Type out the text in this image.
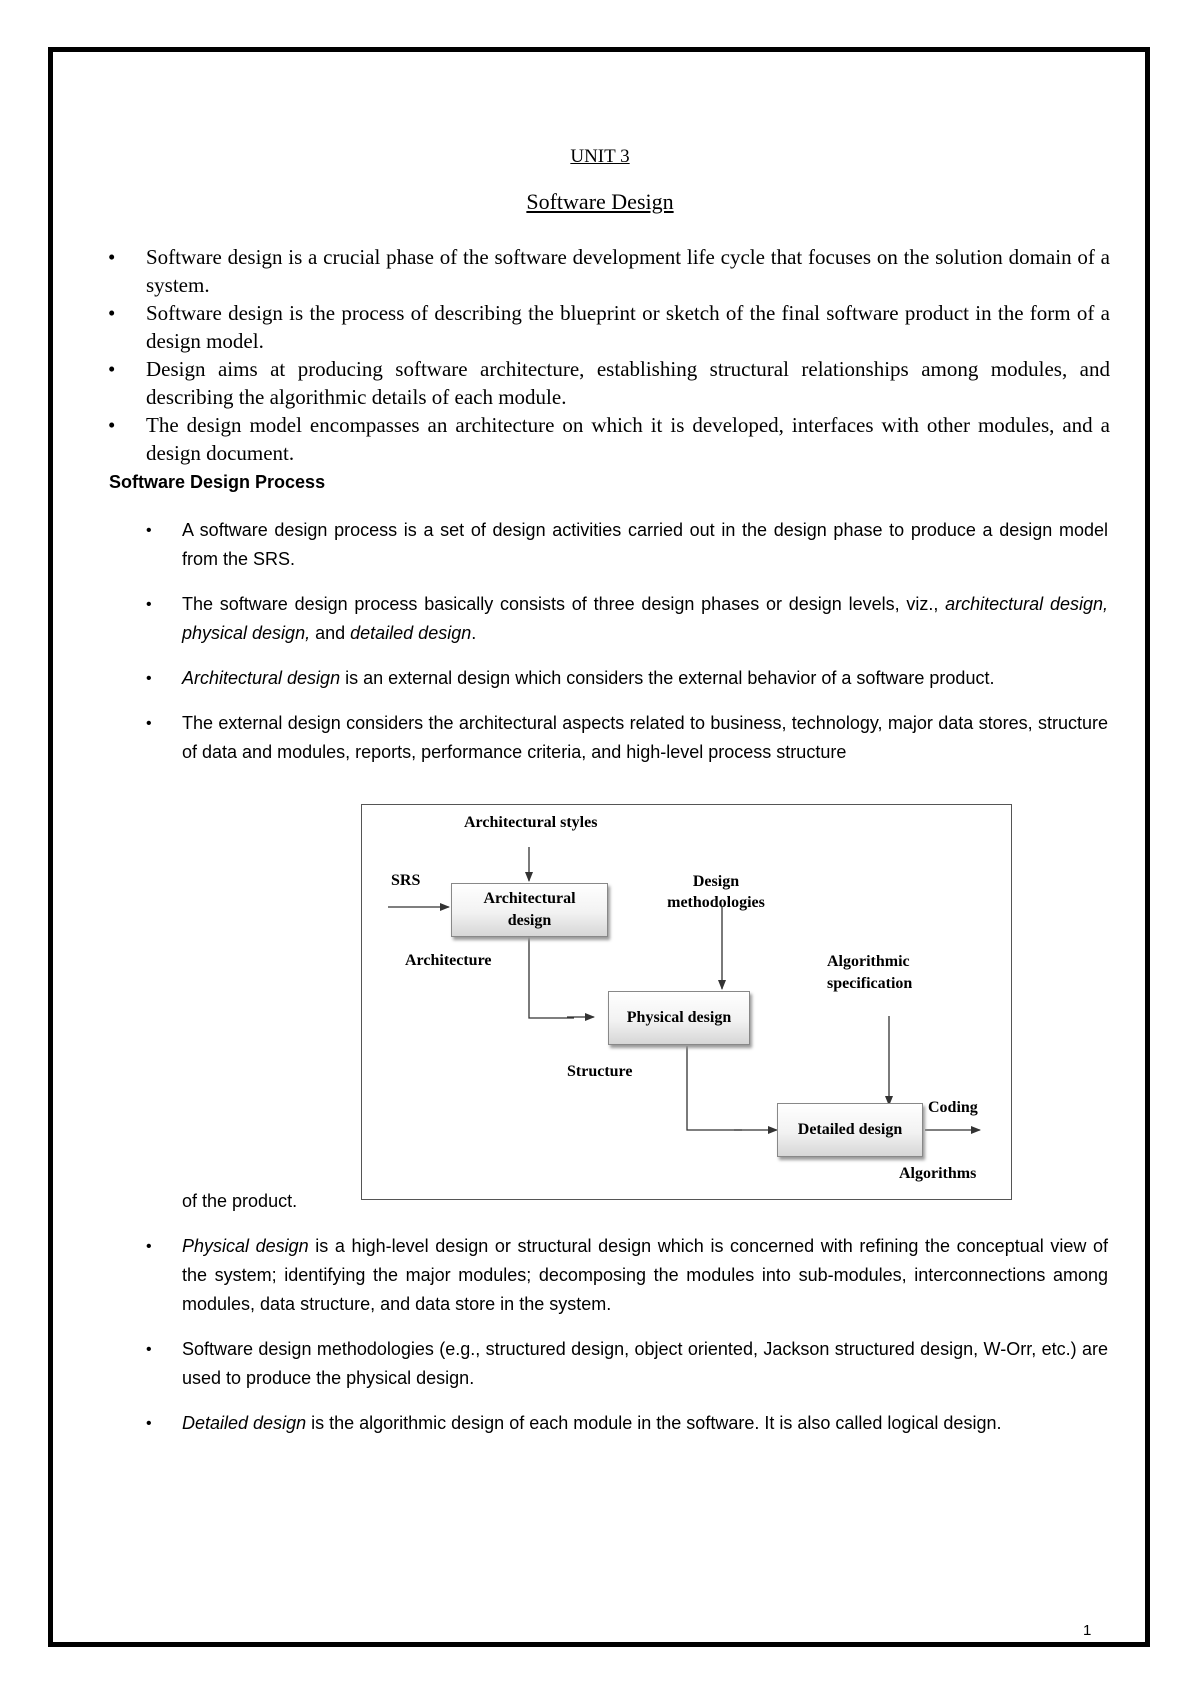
UNIT 3
Software Design
• Software design is a crucial phase of the software development life cycle that focuses on the solution domain of a system.
• Software design is the process of describing the blueprint or sketch of the final software product in the form of a design model.
• Design aims at producing software architecture, establishing structural relationships among modules, and describing the algorithmic details of each module.
• The design model encompasses an architecture on which it is developed, interfaces with other modules, and a design document.
Software Design Process
• A software design process is a set of design activities carried out in the design phase to produce a design model from the SRS.
• The software design process basically consists of three design phases or design levels, viz., architectural design, physical design, and detailed design.
• Architectural design is an external design which considers the external behavior of a software product.
• The external design considers the architectural aspects related to business, technology, major data stores, structure of data and modules, reports, performance criteria, and high-level process structure
Architectural styles
SRS
Architectural
design
Design
methodologies
Architecture
Physical design
Algorithmic
specification
Structure
Detailed design
Coding
Algorithms
of the product.
• Physical design is a high-level design or structural design which is concerned with refining the conceptual view of the system; identifying the major modules; decomposing the modules into sub-modules, interconnections among modules, data structure, and data store in the system.
• Software design methodologies (e.g., structured design, object oriented, Jackson structured design, W-Orr, etc.) are used to produce the physical design.
• Detailed design is the algorithmic design of each module in the software. It is also called logical design.
1
